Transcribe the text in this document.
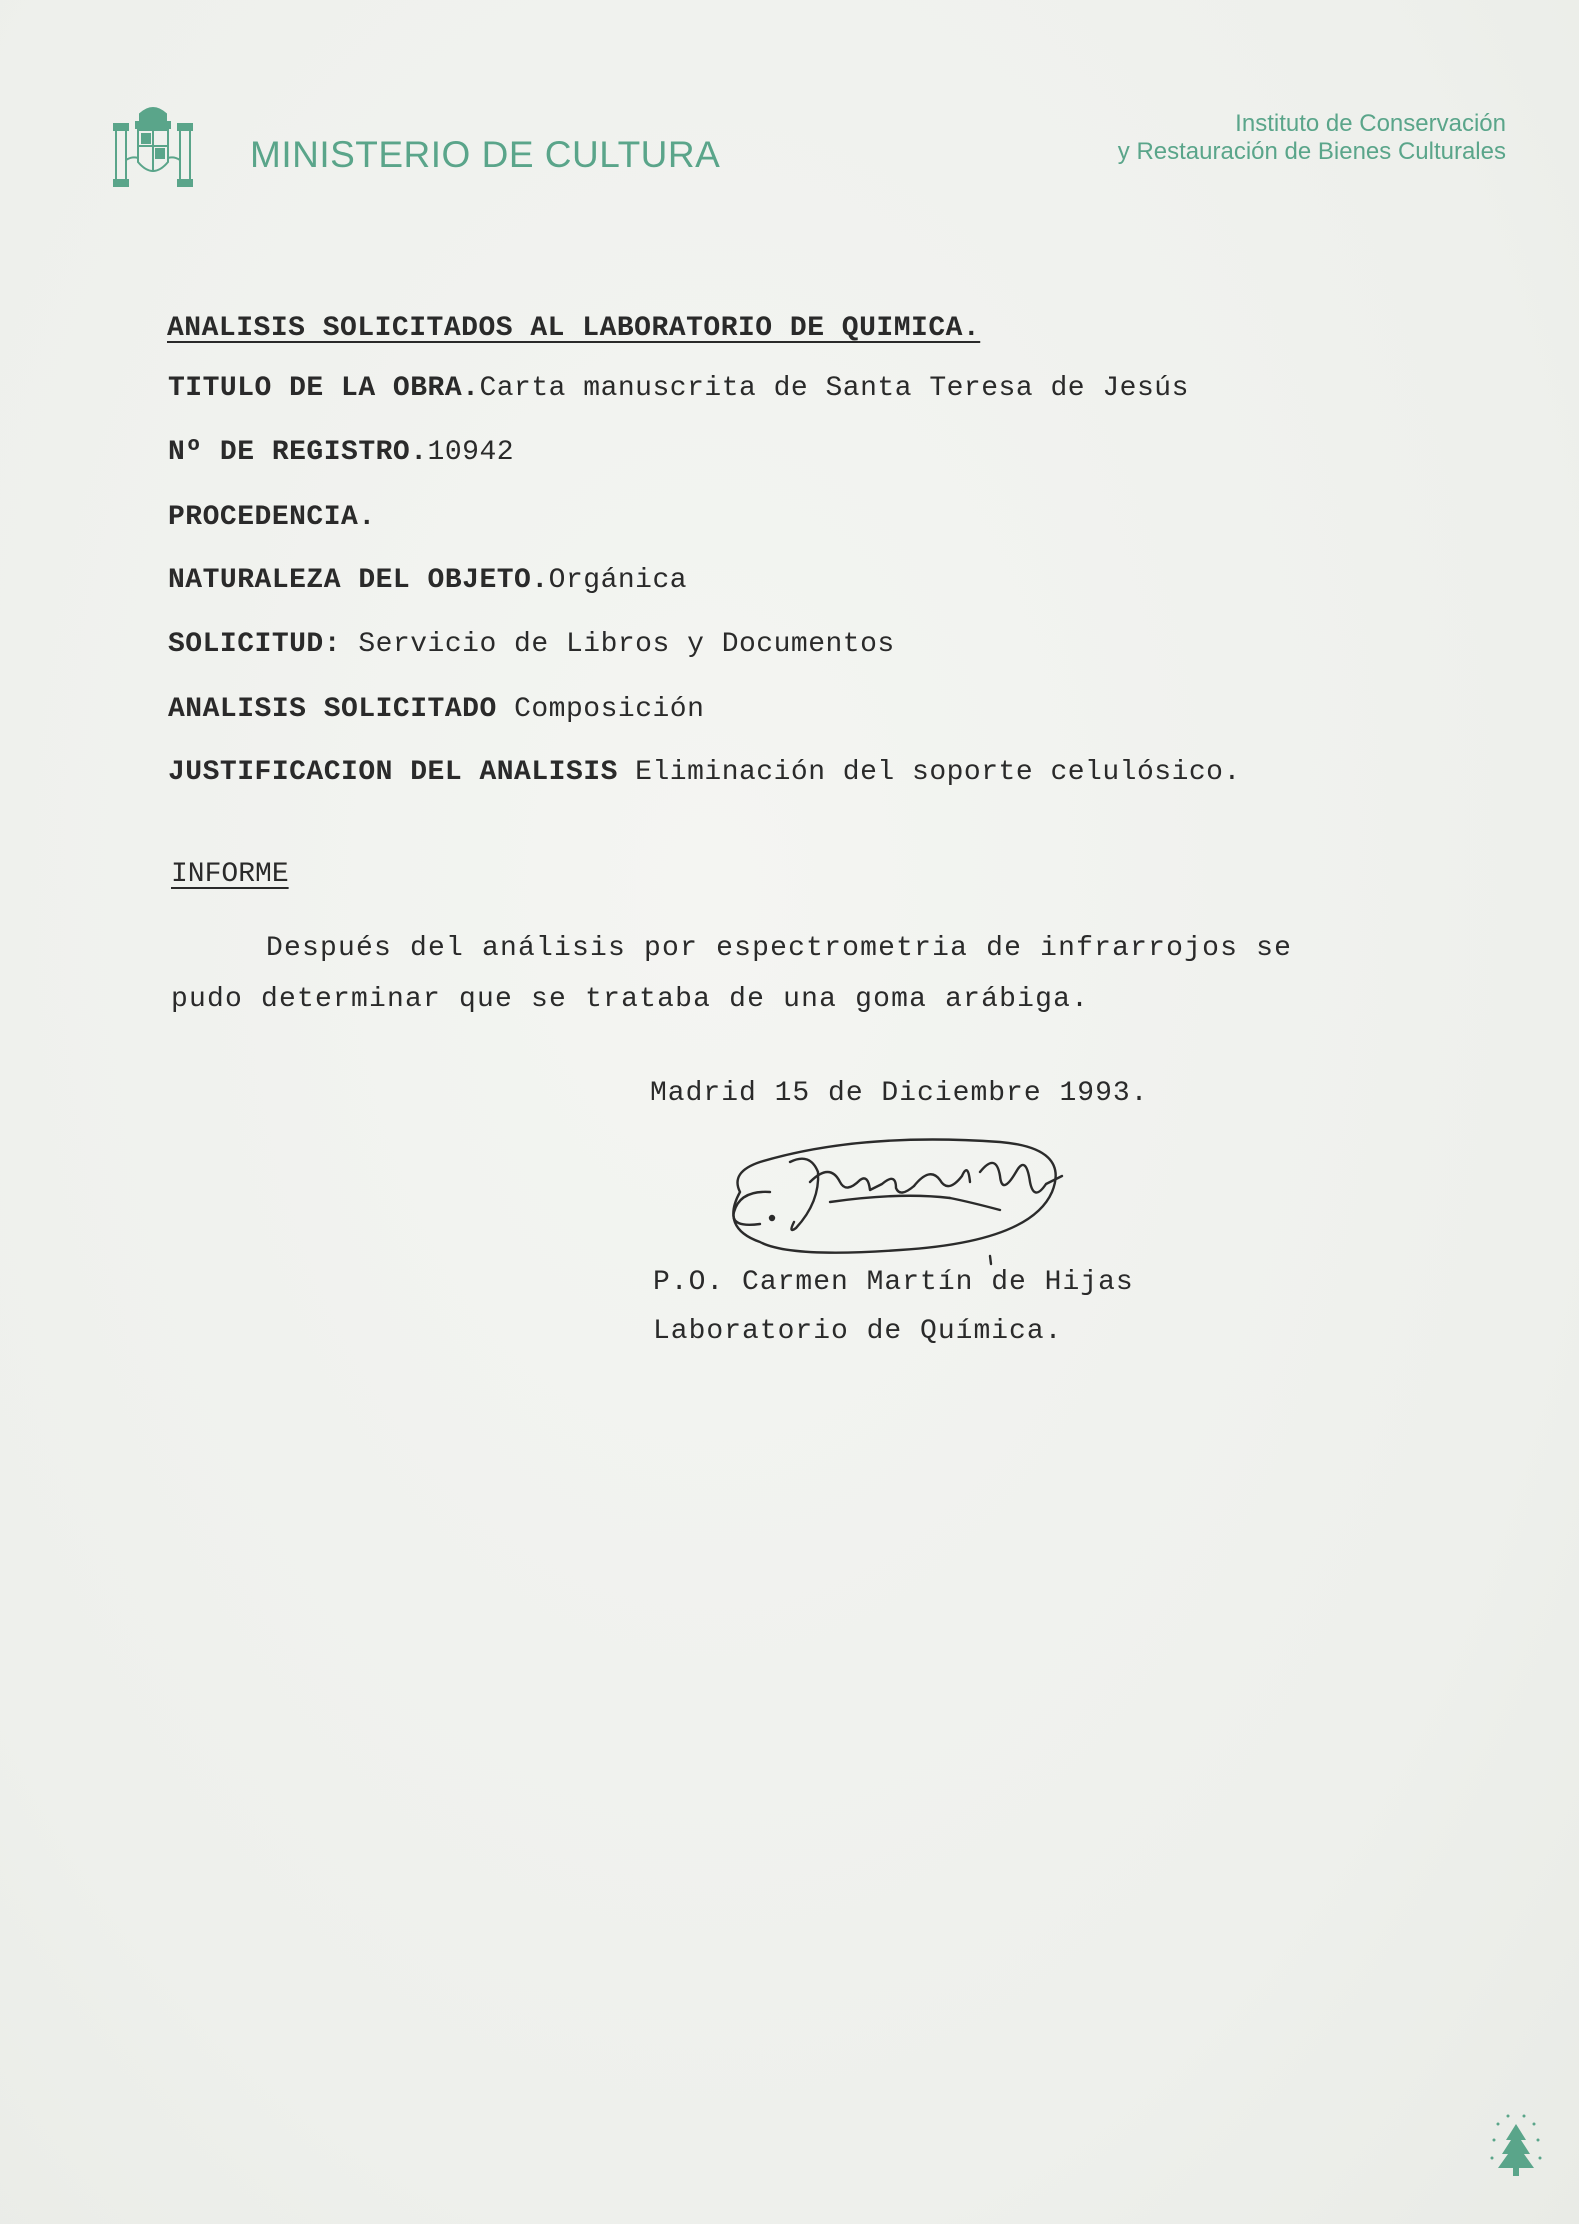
MINISTERIO DE CULTURA
Instituto de Conservación
y Restauración de Bienes Culturales
ANALISIS SOLICITADOS AL LABORATORIO DE QUIMICA.
TITULO DE LA OBRA.Carta manuscrita de Santa Teresa de Jesús
Nº DE REGISTRO.10942
PROCEDENCIA.
NATURALEZA DEL OBJETO.Orgánica
SOLICITUD: Servicio de Libros y Documentos
ANALISIS SOLICITADO Composición
JUSTIFICACION DEL ANALISIS Eliminación del soporte celulósico.
INFORME
Después del análisis por espectrometria de infrarrojos se
pudo determinar que se trataba de una goma arábiga.
Madrid 15 de Diciembre 1993.
P.O. Carmen Martín de Hijas
Laboratorio de Química.
